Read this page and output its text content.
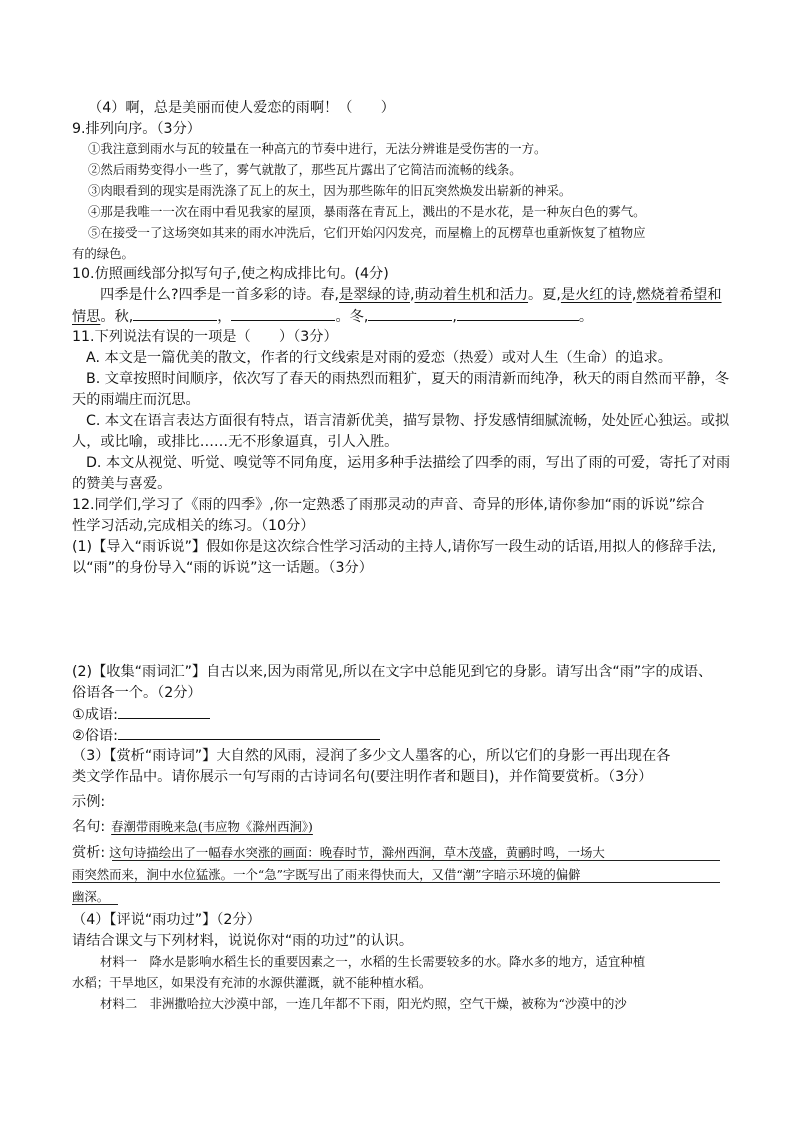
（4）啊，总是美丽而使人爱恋的雨啊！（　　）
9.排列向序。（3分）
①我注意到雨水与瓦的较量在一种高亢的节奏中进行，无法分辨谁是受伤害的一方。
②然后雨势变得小一些了，雾气就散了，那些瓦片露出了它简洁而流畅的线条。
③肉眼看到的现实是雨洗涤了瓦上的灰土，因为那些陈年的旧瓦突然焕发出崭新的神采。
④那是我唯一一次在雨中看见我家的屋顶，暴雨落在青瓦上，溅出的不是水花，是一种灰白色的雾气。
⑤在接受一了这场突如其来的雨水冲洗后，它们开始闪闪发亮，而屋檐上的瓦楞草也重新恢复了植物应
有的绿色。
10.仿照画线部分拟写句子,使之构成排比句。(4分)
四季是什么?四季是一首多彩的诗。春,是翠绿的诗,萌动着生机和活力。夏,是火红的诗,燃烧着希望和
情思。秋,	，	。冬,	,	。
11.下列说法有误的一项是（　　）（3分）
A. 本文是一篇优美的散文，作者的行文线索是对雨的爱恋（热爱）或对人生（生命）的追求。
B. 文章按照时间顺序，依次写了春天的雨热烈而粗犷，夏天的雨清新而纯净，秋天的雨自然而平静，冬
天的雨端庄而沉思。
C. 本文在语言表达方面很有特点，语言清新优美，描写景物、抒发感情细腻流畅，处处匠心独运。或拟
人，或比喻，或排比……无不形象逼真，引人入胜。
D. 本文从视觉、听觉、嗅觉等不同角度，运用多种手法描绘了四季的雨，写出了雨的可爱，寄托了对雨
的赞美与喜爱。
12.同学们,学习了《雨的四季》,你一定熟悉了雨那灵动的声音、奇异的形体,请你参加“雨的诉说”综合
性学习活动,完成相关的练习。（10分）
(1)【导入“雨诉说”】假如你是这次综合性学习活动的主持人,请你写一段生动的话语,用拟人的修辞手法,
以“雨”的身份导入“雨的诉说”这一话题。（3分）
(2)【收集“雨词汇”】自古以来,因为雨常见,所以在文字中总能见到它的身影。请写出含“雨”字的成语、
俗语各一个。（2分）
①成语:
②俗语:
（3）【赏析“雨诗词”】大自然的风雨，浸润了多少文人墨客的心，所以它们的身影一再出现在各
类文学作品中。请你展示一句写雨的古诗词名句(要注明作者和题目)，并作简要赏析。（3分）
示例:
名句: 春潮带雨晚来急(韦应物《滁州西涧》)
赏析: 这句诗描绘出了一幅春水突涨的画面：晚春时节，滁州西涧，草木茂盛，黄鹂时鸣，一场大
雨突然而来，涧中水位猛涨。一个“急”字既写出了雨来得快而大，又借“潮”字暗示环境的偏僻
幽深。
（4）【评说“雨功过”】（2分）
请结合课文与下列材料，说说你对“雨的功过”的认识。
材料一　降水是影响水稻生长的重要因素之一，水稻的生长需要较多的水。降水多的地方，适宜种植
水稻；干旱地区，如果没有充沛的水源供灌溉，就不能种植水稻。
材料二　非洲撒哈拉大沙漠中部，一连几年都不下雨，阳光灼照，空气干燥，被称为“沙漠中的沙
